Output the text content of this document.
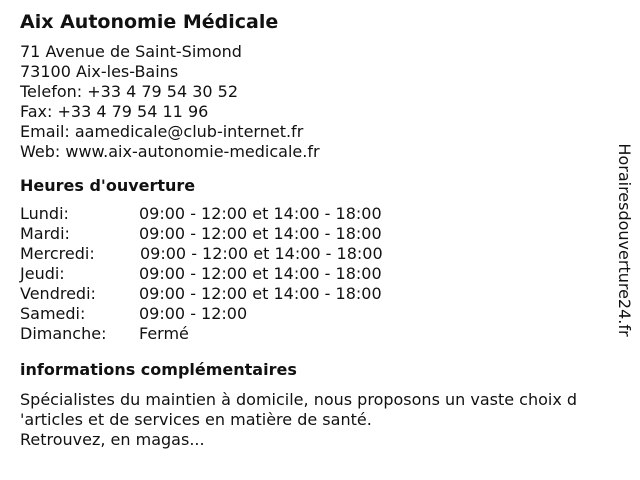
Aix Autonomie Médicale
71 Avenue de Saint-Simond
73100 Aix-les-Bains
Telefon: +33 4 79 54 30 52
Fax: +33 4 79 54 11 96
Email: aamedicale@club-internet.fr
Web: www.aix-autonomie-medicale.fr
Heures d'ouverture
Lundi:	09:00 - 12:00 et 14:00 - 18:00
Mardi:	09:00 - 12:00 et 14:00 - 18:00
Mercredi:	09:00 - 12:00 et 14:00 - 18:00
Jeudi:	09:00 - 12:00 et 14:00 - 18:00
Vendredi:	09:00 - 12:00 et 14:00 - 18:00
Samedi:	09:00 - 12:00
Dimanche: Fermé
informations complémentaires
Spécialistes du maintien à domicile, nous proposons un vaste choix d
'articles et de services en matière de santé.
Retrouvez, en magas...
Horairesdouverture24.fr
